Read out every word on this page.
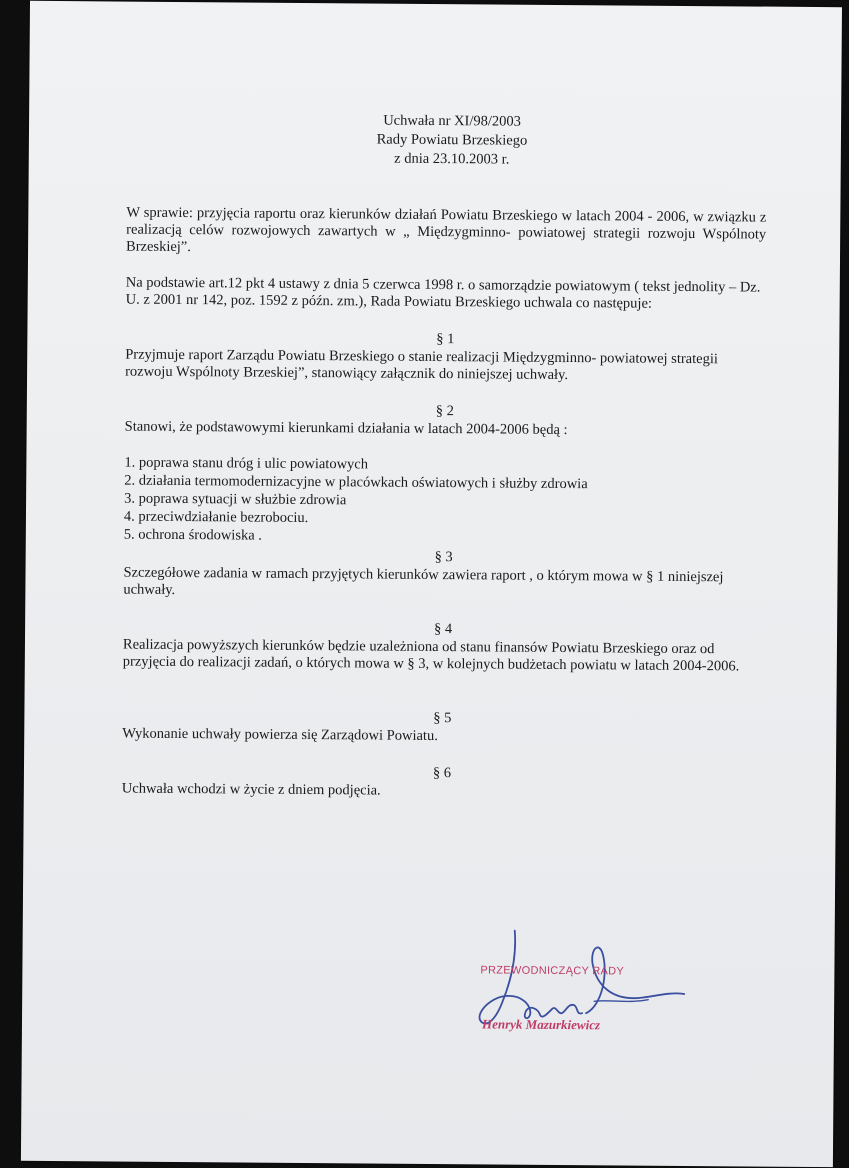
Uchwała nr XI/98/2003
Rady Powiatu Brzeskiego
z dnia 23.10.2003 r.

W sprawie: przyjęcia raportu oraz kierunków działań Powiatu Brzeskiego w latach 2004 - 2006, w związku z realizacją celów rozwojowych zawartych w „ Międzygminno- powiatowej strategii rozwoju Wspólnoty Brzeskiej”.

Na podstawie art.12 pkt 4 ustawy z dnia 5 czerwca 1998 r. o samorządzie powiatowym ( tekst jednolity – Dz. U. z 2001 nr 142, poz. 1592 z późn. zm.), Rada Powiatu Brzeskiego uchwala co następuje:

§ 1

Przyjmuje raport Zarządu Powiatu Brzeskiego o stanie realizacji Międzygminno- powiatowej strategii rozwoju Wspólnoty Brzeskiej”, stanowiący załącznik do niniejszej uchwały.

§ 2

Stanowi, że podstawowymi kierunkami działania w latach 2004-2006 będą :

1. poprawa stanu dróg i ulic powiatowych
2. działania termomodernizacyjne w placówkach oświatowych i służby zdrowia
3. poprawa sytuacji w służbie zdrowia
4. przeciwdziałanie bezrobociu.
5. ochrona środowiska .
§ 3

Szczegółowe zadania w ramach przyjętych kierunków zawiera raport , o którym mowa w § 1 niniejszej uchwały.

§ 4

Realizacja powyższych kierunków będzie uzależniona od stanu finansów Powiatu Brzeskiego oraz od przyjęcia do realizacji zadań, o których mowa w § 3, w kolejnych budżetach powiatu w latach 2004-2006.

§ 5

Wykonanie uchwały powierza się Zarządowi Powiatu.

§ 6

Uchwała wchodzi w życie z dniem podjęcia.

PRZEWODNICZĄCY RADY
Henryk Mazurkiewicz
